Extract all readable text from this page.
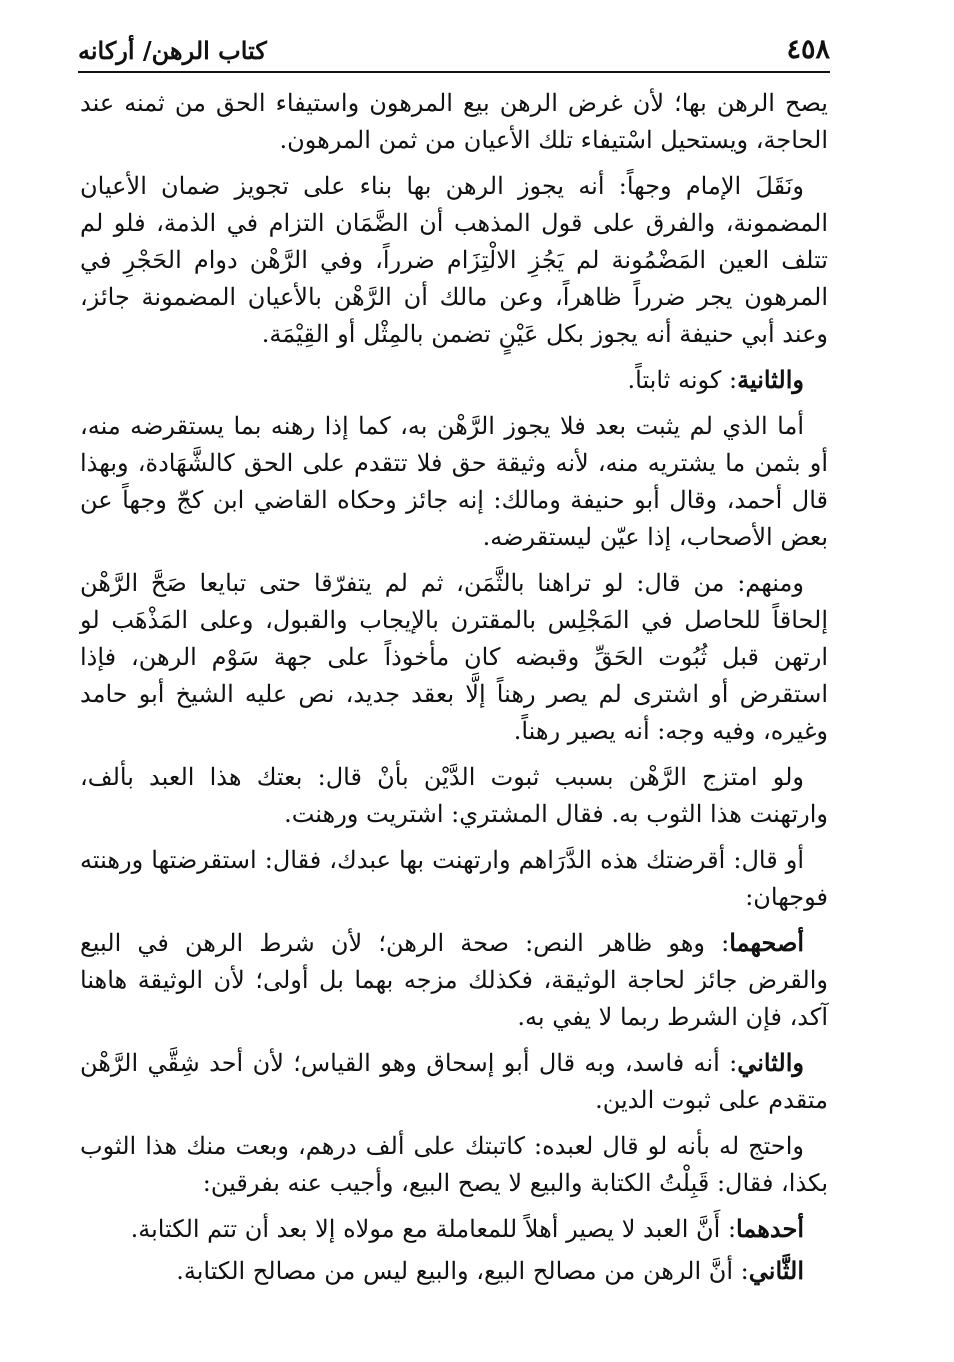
٤٥٨
كتاب الرهن/ أركانه

يصح الرهن بها؛ لأن غرض الرهن بيع المرهون واستيفاء الحق من ثمنه عند الحاجة، ويستحيل اسْتيفاء تلك الأعيان من ثمن المرهون.

ونَقَلَ الإمام وجهاً: أنه يجوز الرهن بها بناء على تجويز ضمان الأعيان المضمونة، والفرق على قول المذهب أن الضَّمَان التزام في الذمة، فلو لم تتلف العين المَضْمُونة لم يَجُزِ الالْتِزَام ضرراً، وفي الرَّهْن دوام الحَجْرِ في المرهون يجر ضرراً ظاهراً، وعن مالك أن الرَّهْن بالأعيان المضمونة جائز، وعند أبي حنيفة أنه يجوز بكل عَيْنٍ تضمن بالمِثْل أو القِيْمَة.

والثانية: كونه ثابتاً.

أما الذي لم يثبت بعد فلا يجوز الرَّهْن به، كما إذا رهنه بما يستقرضه منه، أو بثمن ما يشتريه منه، لأنه وثيقة حق فلا تتقدم على الحق كالشَّهَادة، وبهذا قال أحمد، وقال أبو حنيفة ومالك: إنه جائز وحكاه القاضي ابن كجّ وجهاً عن بعض الأصحاب، إذا عيّن ليستقرضه.

ومنهم: من قال: لو تراهنا بالثَّمَن، ثم لم يتفرّقا حتى تبايعا صَحَّ الرَّهْن إلحاقاً للحاصل في المَجْلِس بالمقترن بالإيجاب والقبول، وعلى المَذْهَب لو ارتهن قبل ثُبُوت الحَقِّ وقبضه كان مأخوذاً على جهة سَوْم الرهن، فإذا استقرض أو اشترى لم يصر رهناً إلَّا بعقد جديد، نص عليه الشيخ أبو حامد وغيره، وفيه وجه: أنه يصير رهناً.

ولو امتزج الرَّهْن بسبب ثبوت الدَّيْن بأنْ قال: بعتك هذا العبد بألف، وارتهنت هذا الثوب به. فقال المشتري: اشتريت ورهنت.

أو قال: أقرضتك هذه الدَّرَاهم وارتهنت بها عبدك، فقال: استقرضتها ورهنته فوجهان:

أصحهما: وهو ظاهر النص: صحة الرهن؛ لأن شرط الرهن في البيع والقرض جائز لحاجة الوثيقة، فكذلك مزجه بهما بل أولى؛ لأن الوثيقة هاهنا آكد، فإن الشرط ربما لا يفي به.

والثاني: أنه فاسد، وبه قال أبو إسحاق وهو القياس؛ لأن أحد شِقَّي الرَّهْن متقدم على ثبوت الدين.

واحتج له بأنه لو قال لعبده: كاتبتك على ألف درهم، وبعت منك هذا الثوب بكذا، فقال: قَبِلْتُ الكتابة والبيع لا يصح البيع، وأجيب عنه بفرقين:

أحدهما: أَنَّ العبد لا يصير أهلاً للمعاملة مع مولاه إلا بعد أن تتم الكتابة.

الثَّاني: أنَّ الرهن من مصالح البيع، والبيع ليس من مصالح الكتابة.
